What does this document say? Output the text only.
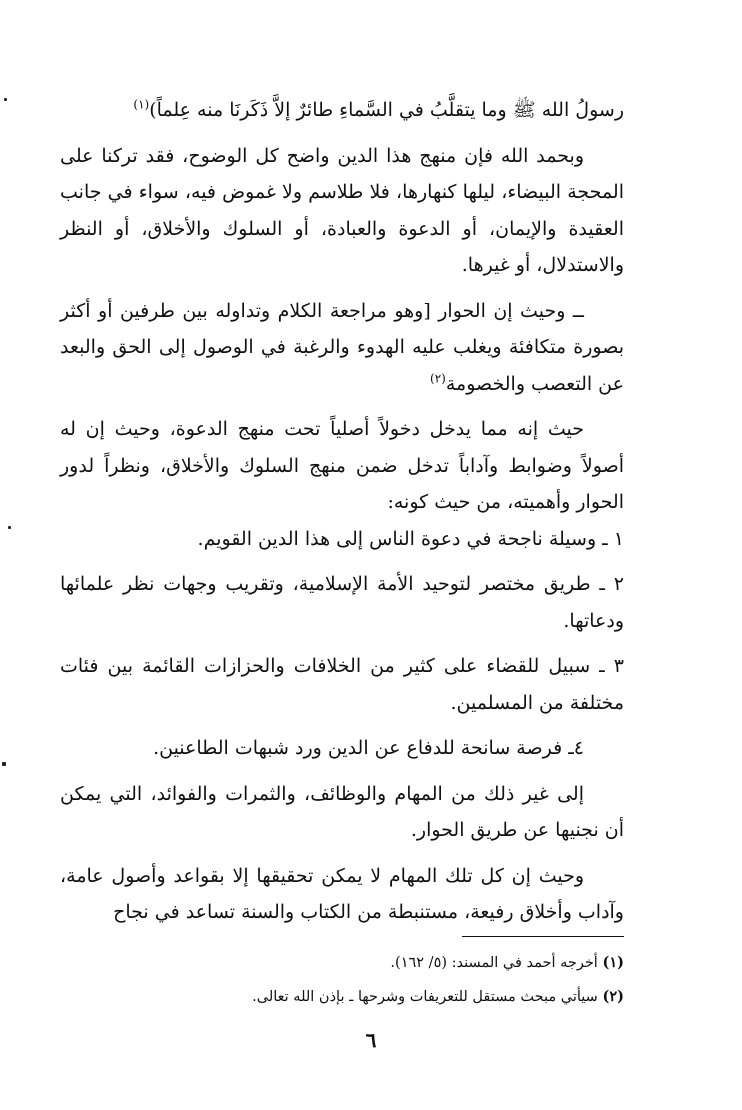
رسولُ الله ﷺ وما يتقلَّبُ في السَّماءِ طائرٌ إلاَّ ذَكَرنَا منه عِلماً)$^{(١)}$

وبحمد الله فإن منهج هذا الدين واضح كل الوضوح، فقد تركنا على المحجة البيضاء، ليلها كنهارها، فلا طلاسم ولا غموض فيه، سواء في جانب العقيدة والإيمان، أو الدعوة والعبادة، أو السلوك والأخلاق، أو النظر والاستدلال، أو غيرها.

ــ وحيث إن الحوار [وهو مراجعة الكلام وتداوله بين طرفين أو أكثر بصورة متكافئة ويغلب عليه الهدوء والرغبة في الوصول إلى الحق والبعد عن التعصب والخصومة$^{(٢)}$

حيث إنه مما يدخل دخولاً أصلياً تحت منهج الدعوة، وحيث إن له أصولاً وضوابط وآداباً تدخل ضمن منهج السلوك والأخلاق، ونظراً لدور الحوار وأهميته، من حيث كونه:

١ ـ وسيلة ناجحة في دعوة الناس إلى هذا الدين القويم.

٢ ـ طريق مختصر لتوحيد الأمة الإسلامية، وتقريب وجهات نظر علمائها ودعاتها.

٣ ـ سبيل للقضاء على كثير من الخلافات والحزازات القائمة بين فئات مختلفة من المسلمين.

٤ـ فرصة سانحة للدفاع عن الدين ورد شبهات الطاعنين.

إلى غير ذلك من المهام والوظائف، والثمرات والفوائد، التي يمكن أن نجنيها عن طريق الحوار.

وحيث إن كل تلك المهام لا يمكن تحقيقها إلا بقواعد وأصول عامة، وآداب وأخلاق رفيعة، مستنبطة من الكتاب والسنة تساعد في نجاح

(١) أخرجه أحمد في المسند: (٥/ ١٦٢).
(٢) سيأتي مبحث مستقل للتعريفات وشرحها ـ بإذن الله تعالى.
٦
